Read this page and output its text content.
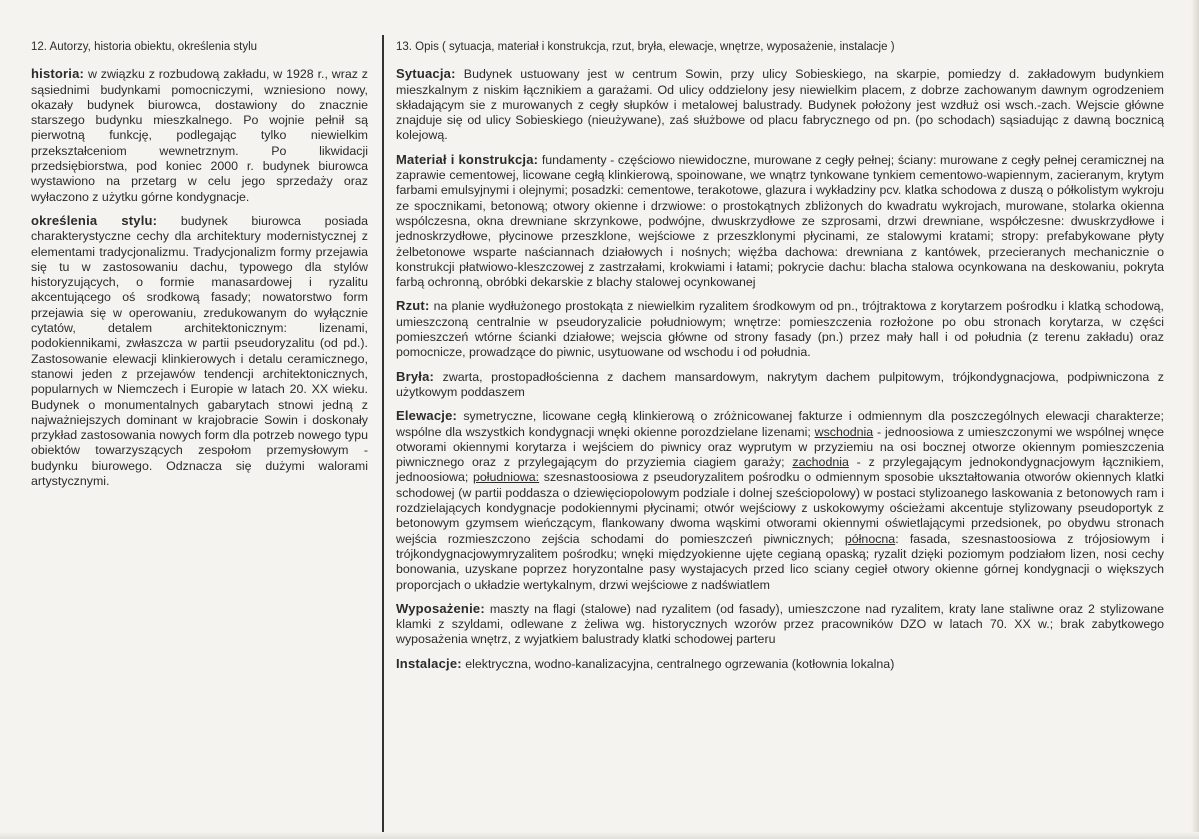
12. Autorzy, historia obiektu, określenia stylu

historia: w związku z rozbudową zakładu, w 1928 r., wraz z sąsiednimi budynkami pomocniczymi, wzniesiono nowy, okazały budynek biurowca, dostawiony do znacznie starszego budynku mieszkalnego. Po wojnie pełnił są pierwotną funkcję, podlegając tylko niewielkim przekształceniom wewnetrznym. Po likwidacji przedsiębiorstwa, pod koniec 2000 r. budynek biurowca wystawiono na przetarg w celu jego sprzedaży oraz wyłaczono z użytku górne kondygnacje.

określenia stylu: budynek biurowca posiada charakterystyczne cechy dla architektury modernistycznej z elementami tradycjonalizmu. Tradycjonalizm formy przejawia się tu w zastosowaniu dachu, typowego dla stylów historyzujących, o formie manasardowej i ryzalitu akcentującego oś srodkową fasady; nowatorstwo form przejawia się w operowaniu, zredukowanym do wyłącznie cytatów, detalem architektonicznym: lizenami, podokiennikami, zwłaszcza w partii pseudoryzalitu (od pd.). Zastosowanie elewacji klinkierowych i detalu ceramicznego, stanowi jeden z przejawów tendencji architektonicznych, popularnych w Niemczech i Europie w latach 20. XX wieku. Budynek o monumentalnych gabarytach stnowi jedną z najważniejszych dominant w krajobracie Sowin i doskonały przykład zastosowania nowych form dla potrzeb nowego typu obiektów towarzyszących zespołom przemysłowym - budynku biurowego. Odznacza się dużymi walorami artystycznymi.

13. Opis ( sytuacja, materiał i konstrukcja, rzut, bryła, elewacje, wnętrze, wyposażenie, instalacje )

Sytuacja: Budynek ustuowany jest w centrum Sowin, przy ulicy Sobieskiego, na skarpie, pomiedzy d. zakładowym budynkiem mieszkalnym z niskim łącznikiem a garażami. Od ulicy oddzielony jesy niewielkim placem, z dobrze zachowanym dawnym ogrodzeniem składającym sie z murowanych z cegły słupków i metalowej balustrady. Budynek położony jest wzdłuż osi wsch.-zach. Wejscie główne znajduje się od ulicy Sobieskiego (nieużywane), zaś służbowe od placu fabrycznego od pn. (po schodach) sąsiadując z dawną bocznicą kolejową.

Materiał i konstrukcja: fundamenty - częściowo niewidoczne, murowane z cegły pełnej; ściany: murowane z cegły pełnej ceramicznej na zaprawie cementowej, licowane cegłą klinkierową, spoinowane, we wnątrz tynkowane tynkiem cementowo-wapiennym, zacieranym, krytym farbami emulsyjnymi i olejnymi; posadzki: cementowe, terakotowe, glazura i wykładziny pcv. klatka schodowa z duszą o półkolistym wykroju ze spocznikami, betonową; otwory okienne i drzwiowe: o prostokątnych zbliżonych do kwadratu wykrojach, murowane, stolarka okienna wspólczesna, okna drewniane skrzynkowe, podwójne, dwuskrzydłowe ze szprosami, drzwi drewniane, współczesne: dwuskrzydłowe i jednoskrzydłowe, płycinowe przeszklone, wejściowe z przeszklonymi płycinami, ze stalowymi kratami; stropy: prefabykowane płyty żelbetonowe wsparte naściannach działowych i nośnych; więźba dachowa: drewniana z kantówek, przecieranych mechanicznie o konstrukcji płatwiowo-kleszczowej z zastrzałami, krokwiami i łatami; pokrycie dachu: blacha stalowa ocynkowana na deskowaniu, pokryta farbą ochronną, obróbki dekarskie z blachy stalowej ocynkowanej

Rzut: na planie wydłużonego prostokąta z niewielkim ryzalitem środkowym od pn., trójtraktowa z korytarzem pośrodku i klatką schodową, umieszczoną centralnie w pseudoryzalicie południowym; wnętrze: pomieszczenia rozłożone po obu stronach korytarza, w części pomieszczeń wtórne ścianki działowe; wejscia główne od strony fasady (pn.) przez mały hall i od południa (z terenu zakładu) oraz pomocnicze, prowadzące do piwnic, usytuowane od wschodu i od południa.

Bryła: zwarta, prostopadłościenna z dachem mansardowym, nakrytym dachem pulpitowym, trójkondygnacjowa, podpiwniczona z użytkowym poddaszem

Elewacje: symetryczne, licowane cegłą klinkierową o zróżnicowanej fakturze i odmiennym dla poszczególnych elewacji charakterze; wspólne dla wszystkich kondygnacji wnęki okienne porozdzielane lizenami; wschodnia - jednoosiowa z umieszczonymi we wspólnej wnęce otworami okiennymi korytarza i wejściem do piwnicy oraz wyprutym w przyziemiu na osi bocznej otworze okiennym pomieszczenia piwnicznego oraz z przylegającym do przyziemia ciagiem garaży; zachodnia - z przylegającym jednokondygnacjowym łącznikiem, jednoosiowa; południowa: szesnastoosiowa z pseudoryzalitem pośrodku o odmiennym sposobie ukształtowania otworów okiennych klatki schodowej (w partii poddasza o dziewięciopolowym podziale i dolnej sześciopolowy) w postaci stylizoanego laskowania z betonowych ram i rozdzielających kondygnacje podokiennymi płycinami; otwór wejściowy z uskokowymy ościeżami akcentuje stylizowany pseudoportyk z betonowym gzymsem wieńczącym, flankowany dwoma wąskimi otworami okiennymi oświetlającymi przedsionek, po obydwu stronach wejścia rozmieszczono zejścia schodami do pomieszczeń piwnicznych; północna: fasada, szesnastoosiowa z trójosiowym i trójkondygnacjowymryzalitem pośrodku; wnęki międzyokienne ujęte cegianą opaską; ryzalit dzięki poziomym podziałom lizen, nosi cechy bonowania, uzyskane poprzez horyzontalne pasy wystajacych przed lico sciany cegieł otwory okienne górnej kondygnacji o większych proporcjach o układzie wertykalnym, drzwi wejściowe z nadświatlem

Wyposażenie: maszty na flagi (stalowe) nad ryzalitem (od fasady), umieszczone nad ryzalitem, kraty lane staliwne oraz 2 stylizowane klamki z szyldami, odlewane z żeliwa wg. historycznych wzorów przez pracowników DZO w latach 70. XX w.; brak zabytkowego wyposażenia wnętrz, z wyjatkiem balustrady klatki schodowej parteru

Instalacje: elektryczna, wodno-kanalizacyjna, centralnego ogrzewania (kotłownia lokalna)
